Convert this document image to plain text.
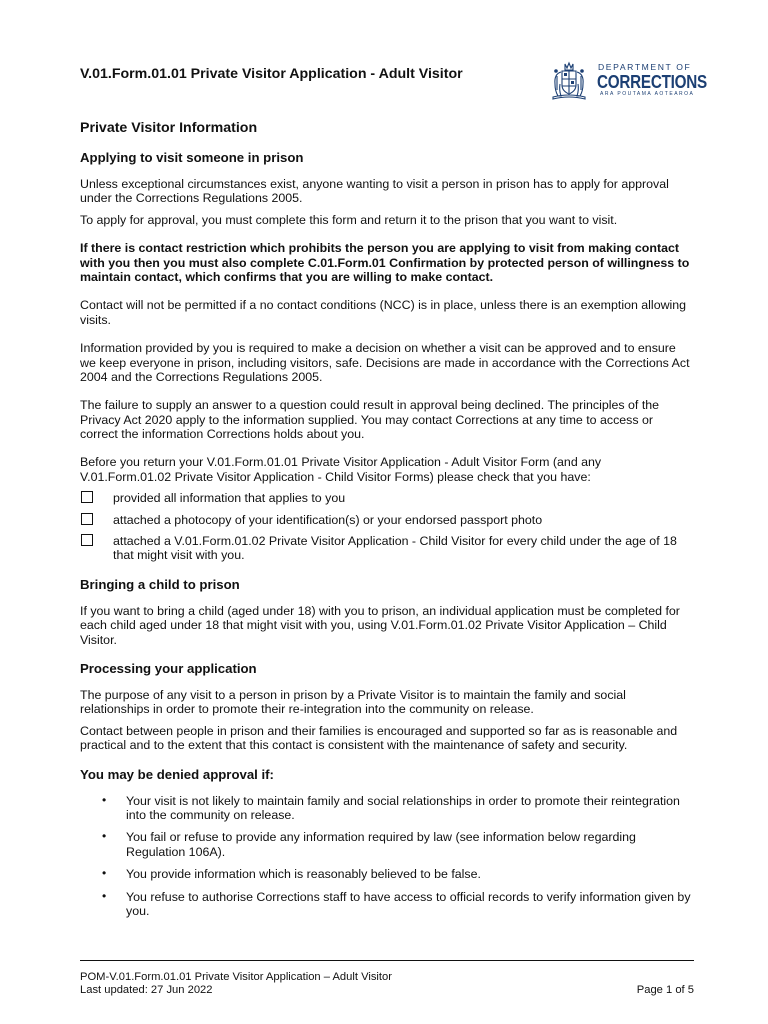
V.01.Form.01.01 Private Visitor Application - Adult Visitor	DEPARTMENT OF
CORRECTIONS
ARA POUTAMA AOTEAROA
Private Visitor Information
Applying to visit someone in prison

Unless exceptional circumstances exist, anyone wanting to visit a person in prison has to apply for approval under the Corrections Regulations 2005.

To apply for approval, you must complete this form and return it to the prison that you want to visit.

If there is contact restriction which prohibits the person you are applying to visit from making contact with you then you must also complete C.01.Form.01 Confirmation by protected person of willingness to maintain contact, which confirms that you are willing to make contact.

Contact will not be permitted if a no contact conditions (NCC) is in place, unless there is an exemption allowing visits.

Information provided by you is required to make a decision on whether a visit can be approved and to ensure we keep everyone in prison, including visitors, safe. Decisions are made in accordance with the Corrections Act 2004 and the Corrections Regulations 2005.

The failure to supply an answer to a question could result in approval being declined. The principles of the Privacy Act 2020 apply to the information supplied. You may contact Corrections at any time to access or correct the information Corrections holds about you.

Before you return your V.01.Form.01.01 Private Visitor Application - Adult Visitor Form (and any V.01.Form.01.02 Private Visitor Application - Child Visitor Forms) please check that you have:

provided all information that applies to you
attached a photocopy of your identification(s) or your endorsed passport photo
attached a V.01.Form.01.02 Private Visitor Application - Child Visitor for every child under the age of 18 that might visit with you.
Bringing a child to prison

If you want to bring a child (aged under 18) with you to prison, an individual application must be completed for each child aged under 18 that might visit with you, using V.01.Form.01.02 Private Visitor Application – Child Visitor.

Processing your application

The purpose of any visit to a person in prison by a Private Visitor is to maintain the family and social relationships in order to promote their re-integration into the community on release.

Contact between people in prison and their families is encouraged and supported so far as is reasonable and practical and to the extent that this contact is consistent with the maintenance of safety and security.

You may be denied approval if:
•	Your visit is not likely to maintain family and social relationships in order to promote their reintegration into the community on release.
•	You fail or refuse to provide any information required by law (see information below regarding Regulation 106A).
•	You provide information which is reasonably believed to be false.
•	You refuse to authorise Corrections staff to have access to official records to verify information given by you.
POM-V.01.Form.01.01 Private Visitor Application – Adult Visitor
Last updated: 27 Jun 2022	Page 1 of 5
